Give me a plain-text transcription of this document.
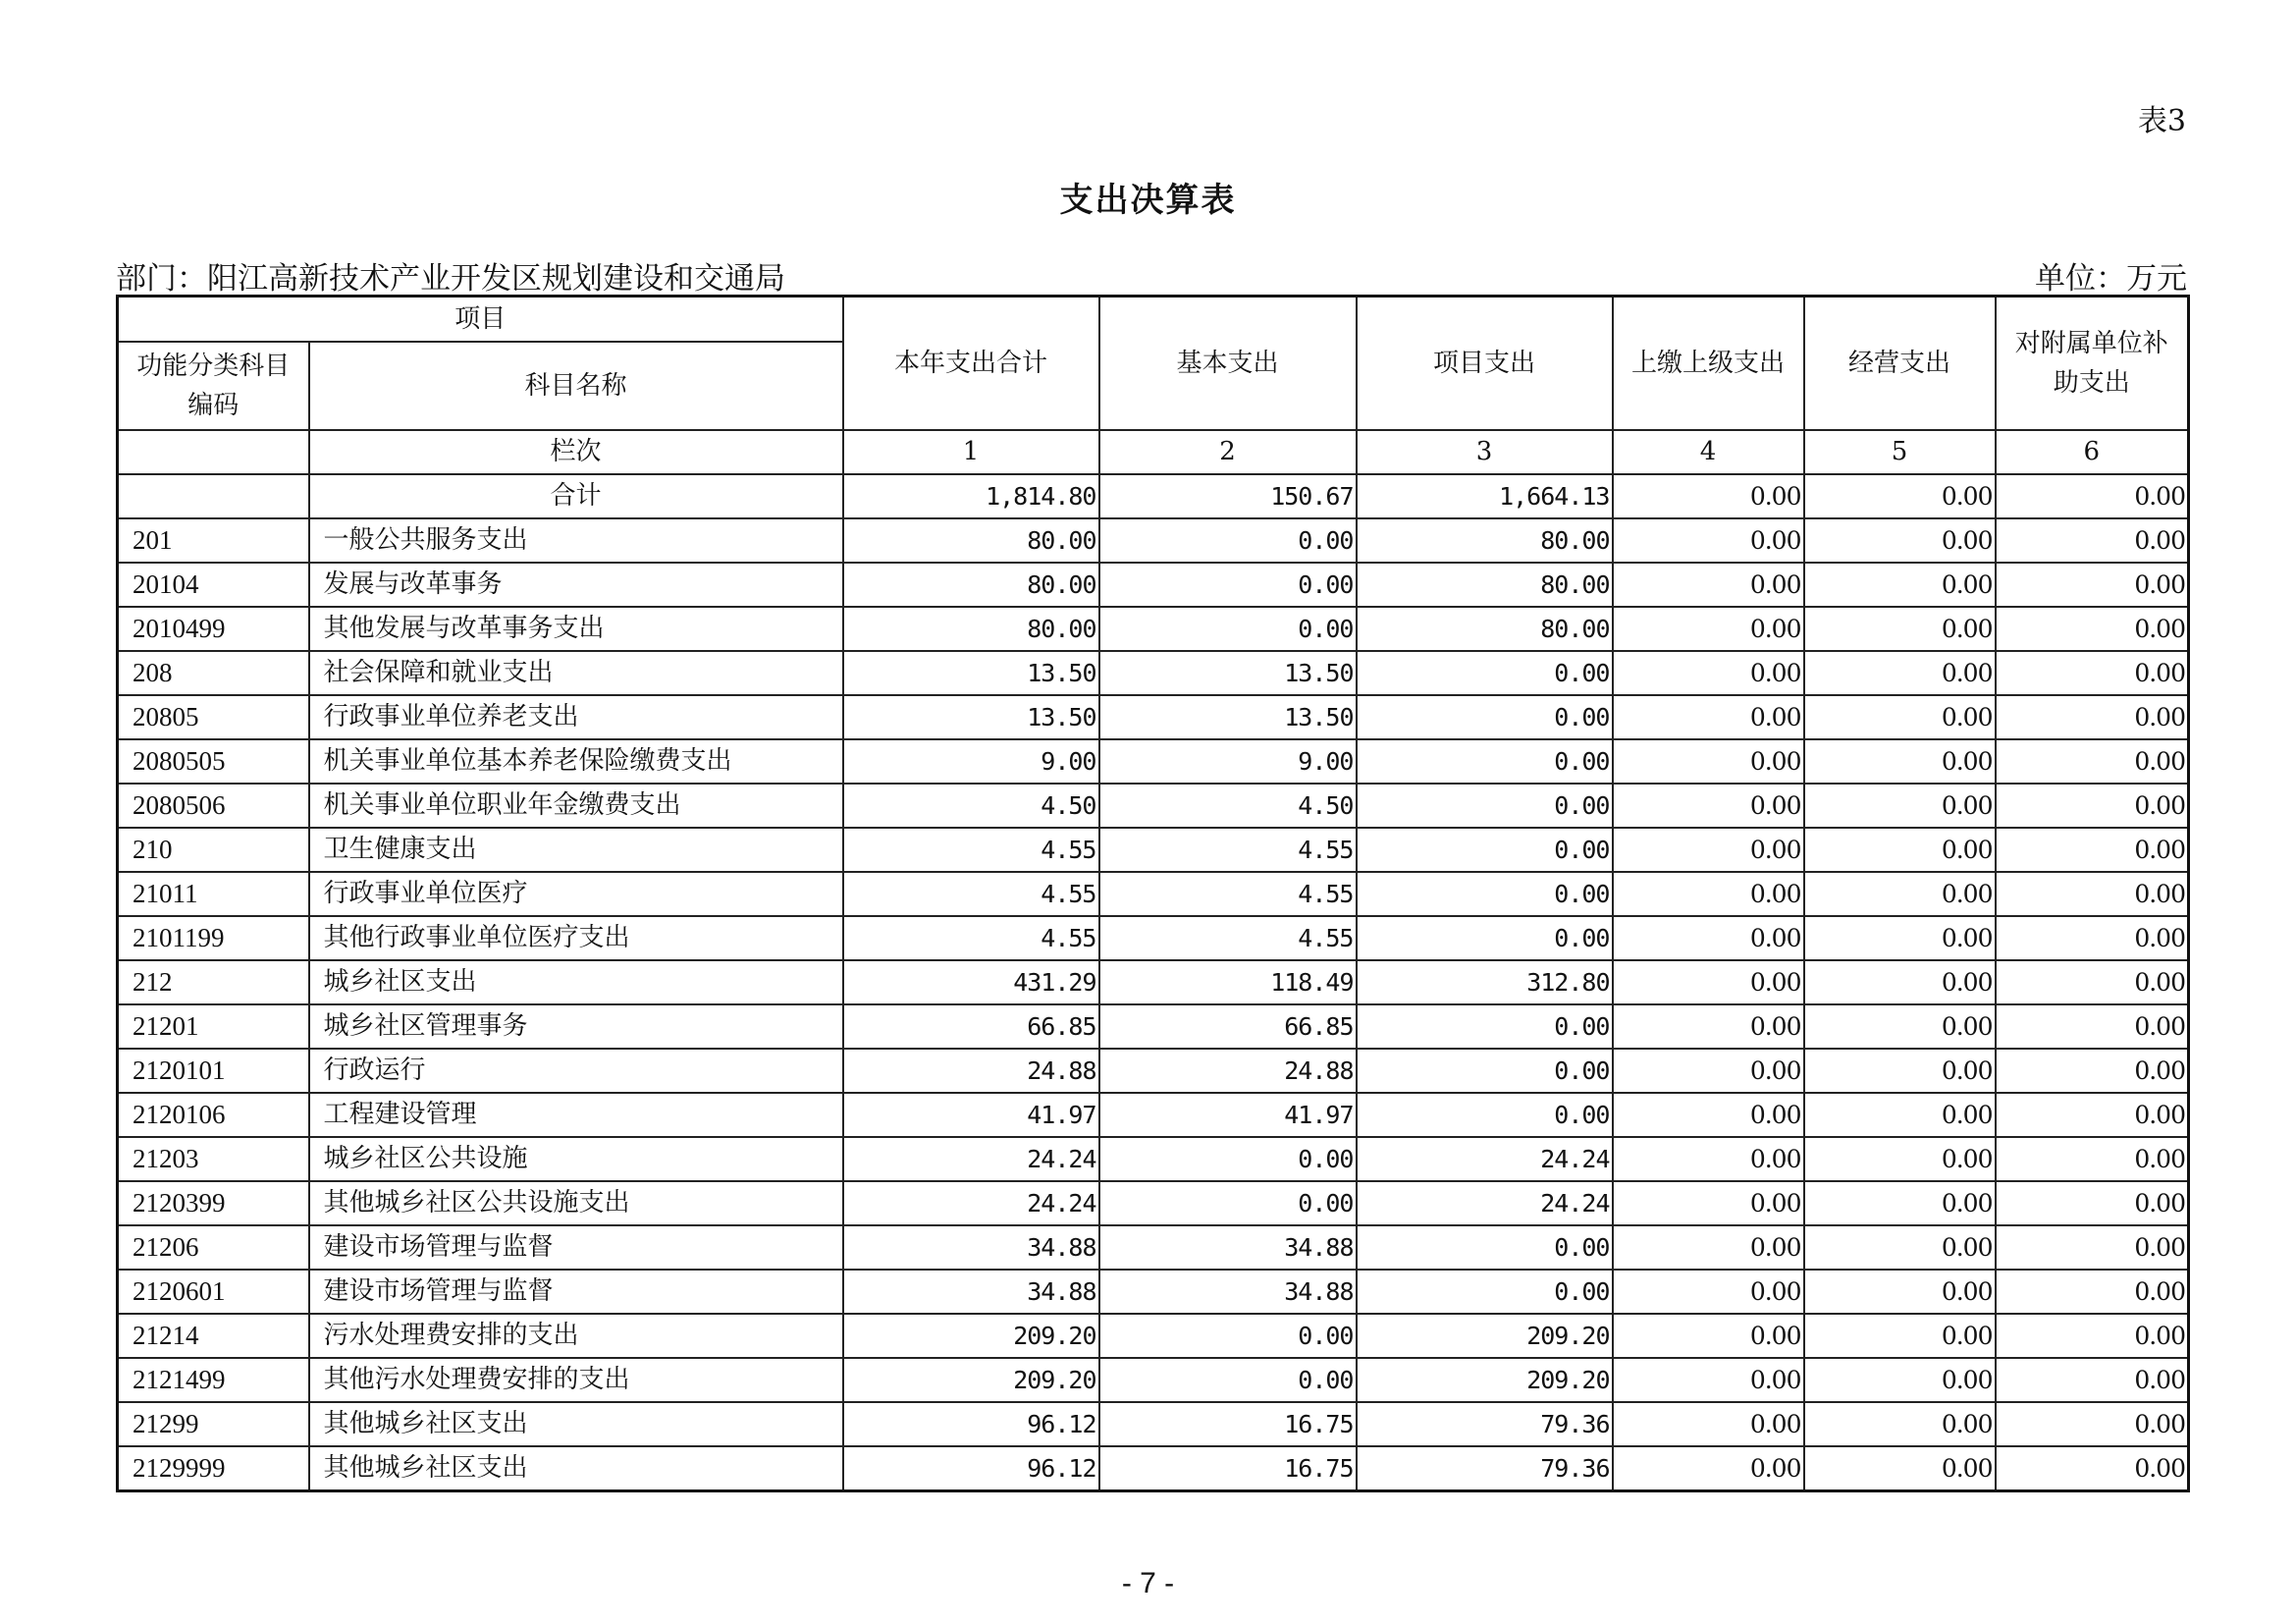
表3
支出决算表
部门：阳江高新技术产业开发区规划建设和交通局	单位：万元
项目		本年支出合计	基本支出	项目支出	上缴上级支出	经营支出	对附属单位补助支出
功能分类科目编码	科目名称						
	栏次	1	2	3	4	5	6
	合计	1,814.80	150.67	1,664.13	0.00	0.00	0.00
201	一般公共服务支出	80.00	0.00	80.00	0.00	0.00	0.00
20104	发展与改革事务	80.00	0.00	80.00	0.00	0.00	0.00
2010499	其他发展与改革事务支出	80.00	0.00	80.00	0.00	0.00	0.00
208	社会保障和就业支出	13.50	13.50	0.00	0.00	0.00	0.00
20805	行政事业单位养老支出	13.50	13.50	0.00	0.00	0.00	0.00
2080505	机关事业单位基本养老保险缴费支出	9.00	9.00	0.00	0.00	0.00	0.00
2080506	机关事业单位职业年金缴费支出	4.50	4.50	0.00	0.00	0.00	0.00
210	卫生健康支出	4.55	4.55	0.00	0.00	0.00	0.00
21011	行政事业单位医疗	4.55	4.55	0.00	0.00	0.00	0.00
2101199	其他行政事业单位医疗支出	4.55	4.55	0.00	0.00	0.00	0.00
212	城乡社区支出	431.29	118.49	312.80	0.00	0.00	0.00
21201	城乡社区管理事务	66.85	66.85	0.00	0.00	0.00	0.00
2120101	行政运行	24.88	24.88	0.00	0.00	0.00	0.00
2120106	工程建设管理	41.97	41.97	0.00	0.00	0.00	0.00
21203	城乡社区公共设施	24.24	0.00	24.24	0.00	0.00	0.00
2120399	其他城乡社区公共设施支出	24.24	0.00	24.24	0.00	0.00	0.00
21206	建设市场管理与监督	34.88	34.88	0.00	0.00	0.00	0.00
2120601	建设市场管理与监督	34.88	34.88	0.00	0.00	0.00	0.00
21214	污水处理费安排的支出	209.20	0.00	209.20	0.00	0.00	0.00
2121499	其他污水处理费安排的支出	209.20	0.00	209.20	0.00	0.00	0.00
21299	其他城乡社区支出	96.12	16.75	79.36	0.00	0.00	0.00
2129999	其他城乡社区支出	96.12	16.75	79.36	0.00	0.00	0.00
- 7 -
